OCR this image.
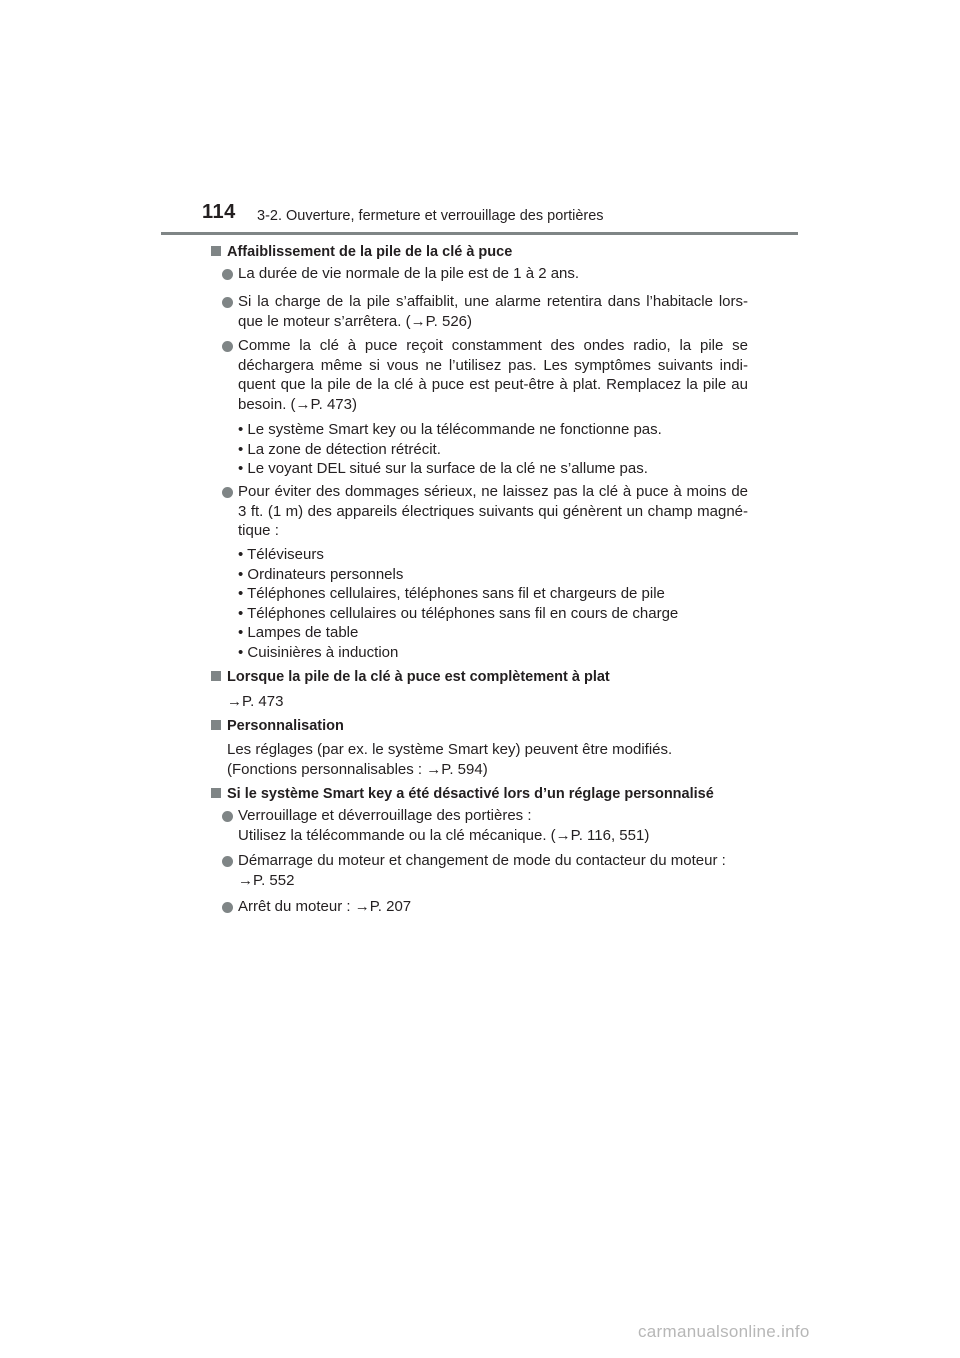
114 3-2. Ouverture, fermeture et verrouillage des portières
Affaiblissement de la pile de la clé à puce
La durée de vie normale de la pile est de 1 à 2 ans.
Si la charge de la pile s’affaiblit, une alarme retentira dans l’habitacle lors-que le moteur s’arrêtera. (→P. 526)
Comme la clé à puce reçoit constamment des ondes radio, la pile se déchargera même si vous ne l’utilisez pas. Les symptômes suivants indi-quent que la pile de la clé à puce est peut-être à plat. Remplacez la pile au besoin. (→P. 473)
• Le système Smart key ou la télécommande ne fonctionne pas.
• La zone de détection rétrécit.
• Le voyant DEL situé sur la surface de la clé ne s’allume pas.
Pour éviter des dommages sérieux, ne laissez pas la clé à puce à moins de 3 ft. (1 m) des appareils électriques suivants qui génèrent un champ magné-tique :
• Téléviseurs
• Ordinateurs personnels
• Téléphones cellulaires, téléphones sans fil et chargeurs de pile
• Téléphones cellulaires ou téléphones sans fil en cours de charge
• Lampes de table
• Cuisinières à induction
Lorsque la pile de la clé à puce est complètement à plat
→P. 473
Personnalisation
Les réglages (par ex. le système Smart key) peuvent être modifiés.
(Fonctions personnalisables : →P. 594)
Si le système Smart key a été désactivé lors d’un réglage personnalisé
Verrouillage et déverrouillage des portières :
Utilisez la télécommande ou la clé mécanique. (→P. 116, 551)
Démarrage du moteur et changement de mode du contacteur du moteur :
→P. 552
Arrêt du moteur : →P. 207
carmanualsonline.info
